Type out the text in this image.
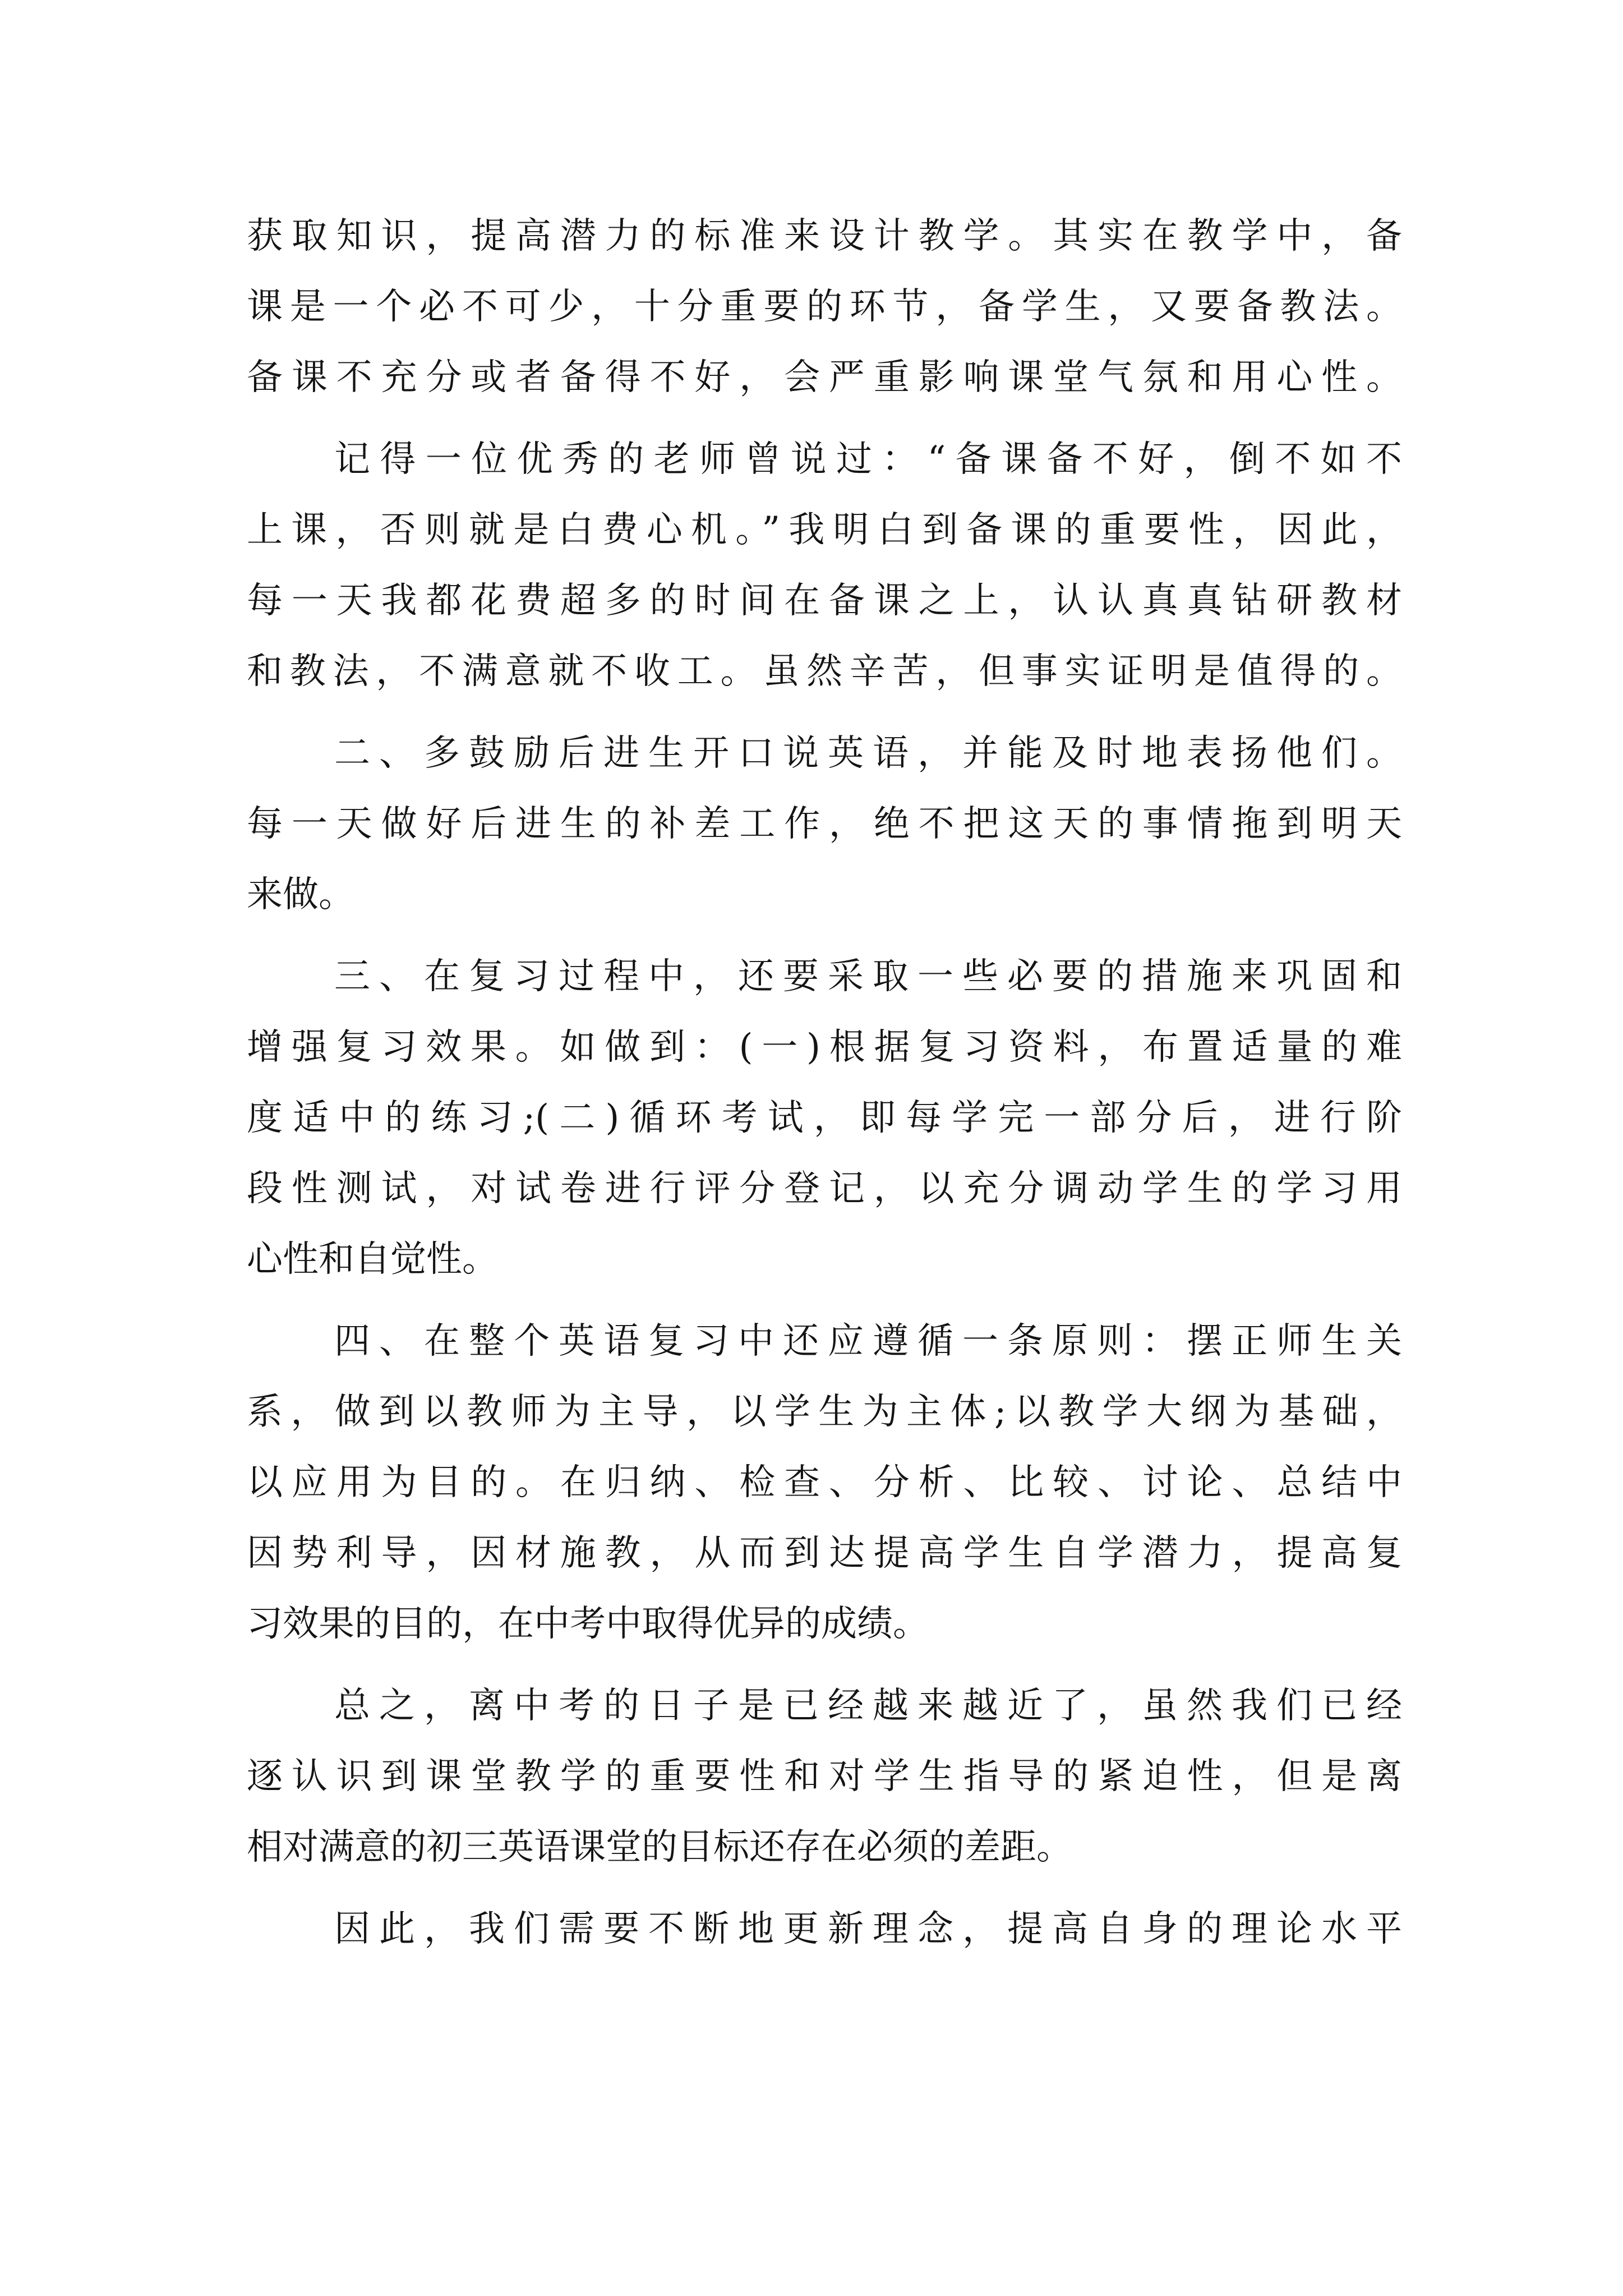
获取知识，提高潜力的标准来设计教学。其实在教学中，备

课是一个必不可少，十分重要的环节，备学生，又要备教法。

备课不充分或者备得不好，会严重影响课堂气氛和用心性。

记得一位优秀的老师曾说过：“备课备不好，倒不如不

上课，否则就是白费心机。”我明白到备课的重要性，因此，

每一天我都花费超多的时间在备课之上，认认真真钻研教材

和教法，不满意就不收工。虽然辛苦，但事实证明是值得的。

二、多鼓励后进生开口说英语，并能及时地表扬他们。

每一天做好后进生的补差工作，绝不把这天的事情拖到明天

来做。

三、在复习过程中，还要采取一些必要的措施来巩固和

增强复习效果。如做到：(一)根据复习资料，布置适量的难

度适中的练习;(二)循环考试，即每学完一部分后，进行阶

段性测试，对试卷进行评分登记，以充分调动学生的学习用

心性和自觉性。

四、在整个英语复习中还应遵循一条原则：摆正师生关

系，做到以教师为主导，以学生为主体;以教学大纲为基础，

以应用为目的。在归纳、检查、分析、比较、讨论、总结中

因势利导，因材施教，从而到达提高学生自学潜力，提高复

习效果的目的，在中考中取得优异的成绩。

总之，离中考的日子是已经越来越近了，虽然我们已经

逐认识到课堂教学的重要性和对学生指导的紧迫性，但是离

相对满意的初三英语课堂的目标还存在必须的差距。

因此，我们需要不断地更新理念，提高自身的理论水平
